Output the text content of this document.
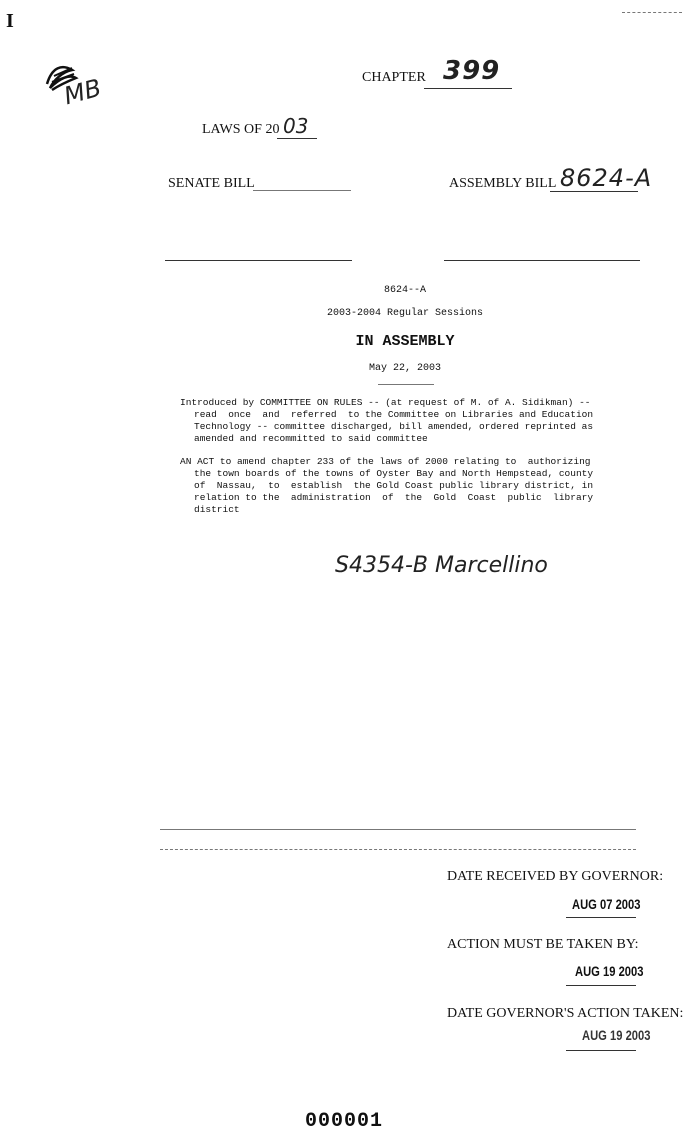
I
MB	CHAPTER 399
LAWS OF 20 03
SENATE BILL	ASSEMBLY BILL 8624-A
8624--A
2003-2004 Regular Sessions
IN ASSEMBLY
May 22, 2003
Introduced by COMMITTEE ON RULES -- (at request of M. of A. Sidikman) --
read  once  and  referred  to the Committee on Libraries and Education
Technology -- committee discharged, bill amended, ordered reprinted as
amended and recommitted to said committee
AN ACT to amend chapter 233 of the laws of 2000 relating to  authorizing
the town boards of the towns of Oyster Bay and North Hempstead, county
of  Nassau,  to  establish  the Gold Coast public library district, in
relation to the  administration  of  the  Gold  Coast  public  library
district
S4354-B Marcellino
DATE RECEIVED BY GOVERNOR:
AUG 07 2003
ACTION MUST BE TAKEN BY:
AUG 19 2003
DATE GOVERNOR'S ACTION TAKEN:
AUG 19 2003
000001
